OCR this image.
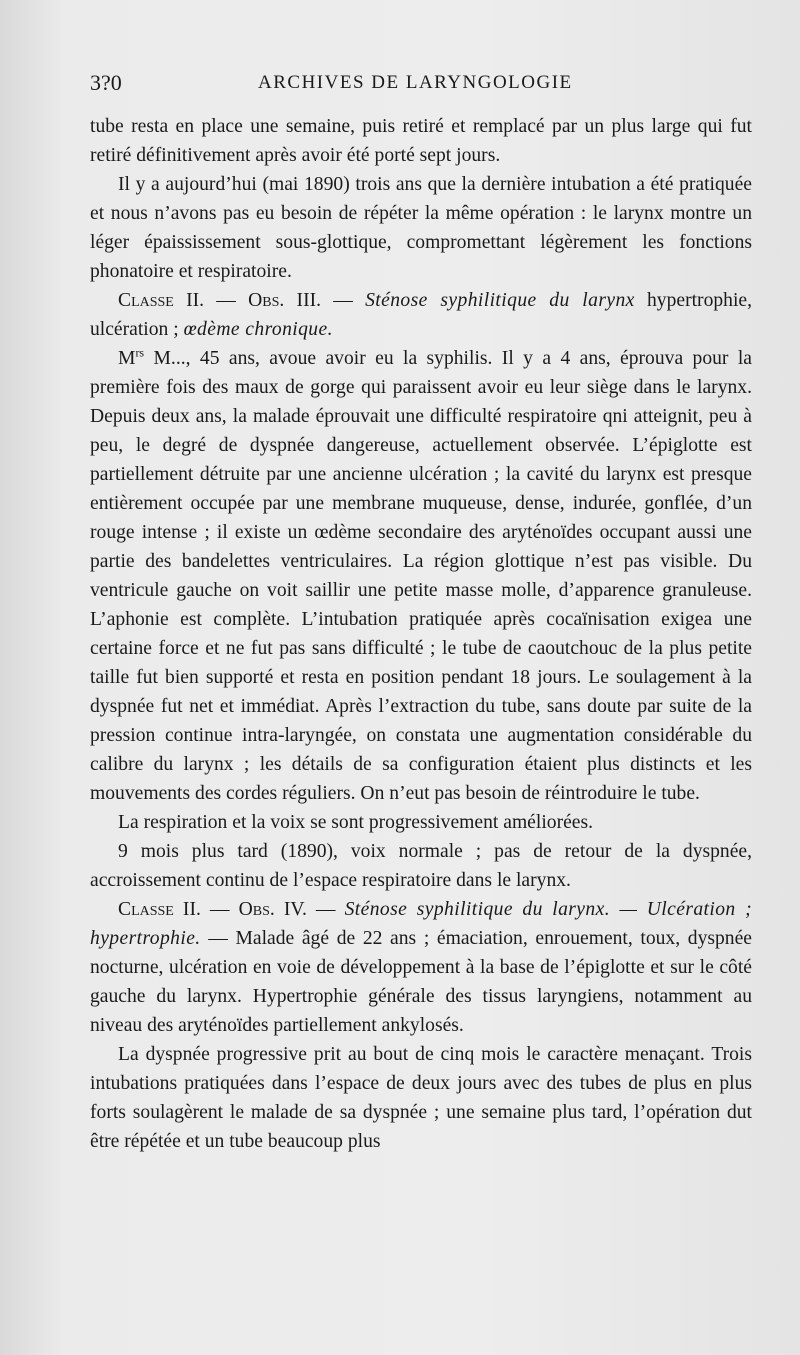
3?0	ARCHIVES DE LARYNGOLOGIE

tube resta en place une semaine, puis retiré et remplacé par un plus large qui fut retiré définitivement après avoir été porté sept jours.

Il y a aujourd’hui (mai 1890) trois ans que la dernière intubation a été pratiquée et nous n’avons pas eu besoin de répéter la même opération : le larynx montre un léger épaississement sous-glottique, compromettant légèrement les fonctions phonatoire et respiratoire.

Classe II. — Obs. III. — Sténose syphilitique du larynx hypertrophie, ulcération ; œdème chronique.

$M^{rs}$ M..., 45 ans, avoue avoir eu la syphilis. Il y a 4 ans, éprouva pour la première fois des maux de gorge qui paraissent avoir eu leur siège dans le larynx. Depuis deux ans, la malade éprouvait une difficulté respiratoire qni atteignit, peu à peu, le degré de dyspnée dangereuse, actuellement observée. L’épiglotte est partiellement détruite par une ancienne ulcération ; la cavité du larynx est presque entièrement occupée par une membrane muqueuse, dense, indurée, gonflée, d’un rouge intense ; il existe un œdème secondaire des aryténoïdes occupant aussi une partie des bandelettes ventriculaires. La région glottique n’est pas visible. Du ventricule gauche on voit saillir une petite masse molle, d’apparence granuleuse. L’aphonie est complète. L’intubation pratiquée après cocaïnisation exigea une certaine force et ne fut pas sans difficulté ; le tube de caoutchouc de la plus petite taille fut bien supporté et resta en position pendant 18 jours. Le soulagement à la dyspnée fut net et immédiat. Après l’extraction du tube, sans doute par suite de la pression continue intra-laryngée, on constata une augmentation considérable du calibre du larynx ; les détails de sa configuration étaient plus distincts et les mouvements des cordes réguliers. On n’eut pas besoin de réintroduire le tube.

La respiration et la voix se sont progressivement améliorées.

9 mois plus tard (1890), voix normale ; pas de retour de la dyspnée, accroissement continu de l’espace respiratoire dans le larynx.

Classe II. — Obs. IV. — Sténose syphilitique du larynx. — Ulcération ; hypertrophie. — Malade âgé de 22 ans ; émaciation, enrouement, toux, dyspnée nocturne, ulcération en voie de développement à la base de l’épiglotte et sur le côté gauche du larynx. Hypertrophie générale des tissus laryngiens, notamment au niveau des aryténoïdes partiellement ankylosés.

La dyspnée progressive prit au bout de cinq mois le caractère menaçant. Trois intubations pratiquées dans l’espace de deux jours avec des tubes de plus en plus forts soulagèrent le malade de sa dyspnée ; une semaine plus tard, l’opération dut être répétée et un tube beaucoup plus
